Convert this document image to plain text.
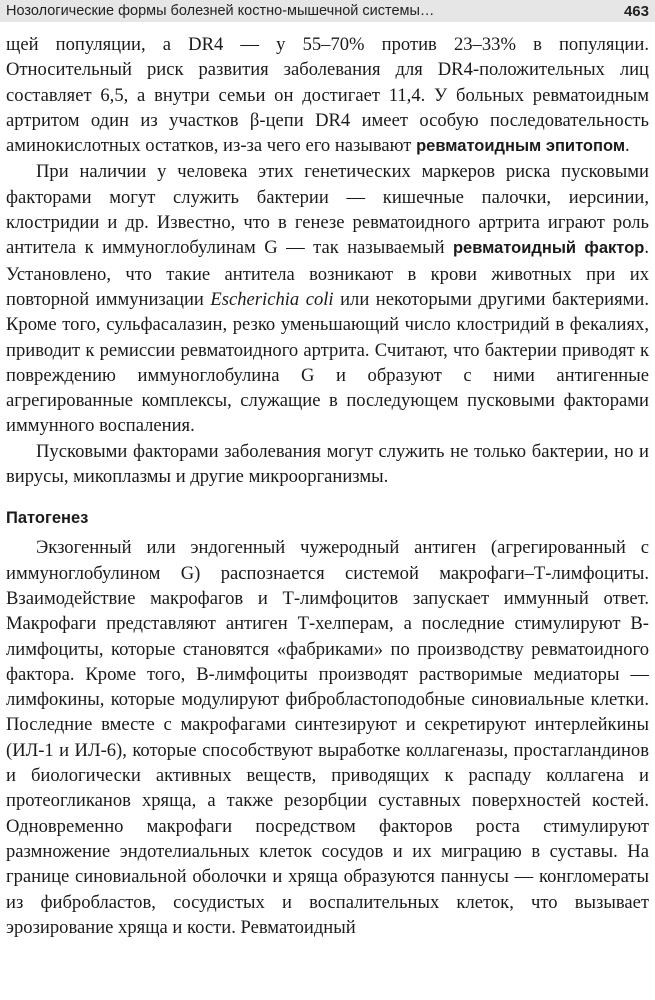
Нозологические формы болезней костно-мышечной системы…	463

щей популяции, а DR4 — у 55–70% против 23–33% в популяции. Относительный риск развития заболевания для DR4-положительных лиц составляет 6,5, а внутри семьи он достигает 11,4. У больных ревматоидным артритом один из участков β-цепи DR4 имеет особую последовательность аминокислотных остатков, из-за чего его называют ревматоидным эпитопом.

При наличии у человека этих генетических маркеров риска пусковыми факторами могут служить бактерии — кишечные палочки, иерсинии, клостридии и др. Известно, что в генезе ревматоидного артрита играют роль антитела к иммуноглобулинам G — так называемый ревматоидный фактор. Установлено, что такие антитела возникают в крови животных при их повторной иммунизации Escherichia coli или некоторыми другими бактериями. Кроме того, сульфасалазин, резко уменьшающий число клостридий в фекалиях, приводит к ремиссии ревматоидного артрита. Считают, что бактерии приводят к повреждению иммуноглобулина G и образуют с ними антигенные агрегированные комплексы, служащие в последующем пусковыми факторами иммунного воспаления.

Пусковыми факторами заболевания могут служить не только бактерии, но и вирусы, микоплазмы и другие микроорганизмы.

Патогенез

Экзогенный или эндогенный чужеродный антиген (агрегированный с иммуноглобулином G) распознается системой макрофаги–Т-лимфоциты. Взаимодействие макрофагов и Т-лимфоцитов запускает иммунный ответ. Макрофаги представляют антиген Т-хелперам, а последние стимулируют В-лимфоциты, которые становятся «фабриками» по производству ревматоидного фактора. Кроме того, В-лимфоциты производят растворимые медиаторы — лимфокины, которые модулируют фибробластоподобные синовиальные клетки. Последние вместе с макрофагами синтезируют и секретируют интерлейкины (ИЛ-1 и ИЛ-6), которые способствуют выработке коллагеназы, простагландинов и биологически активных веществ, приводящих к распаду коллагена и протеогликанов хряща, а также резорбции суставных поверхностей костей. Одновременно макрофаги посредством факторов роста стимулируют размножение эндотелиальных клеток сосудов и их миграцию в суставы. На границе синовиальной оболочки и хряща образуются паннусы — конгломераты из фибробластов, сосудистых и воспалительных клеток, что вызывает эрозирование хряща и кости. Ревматоидный
